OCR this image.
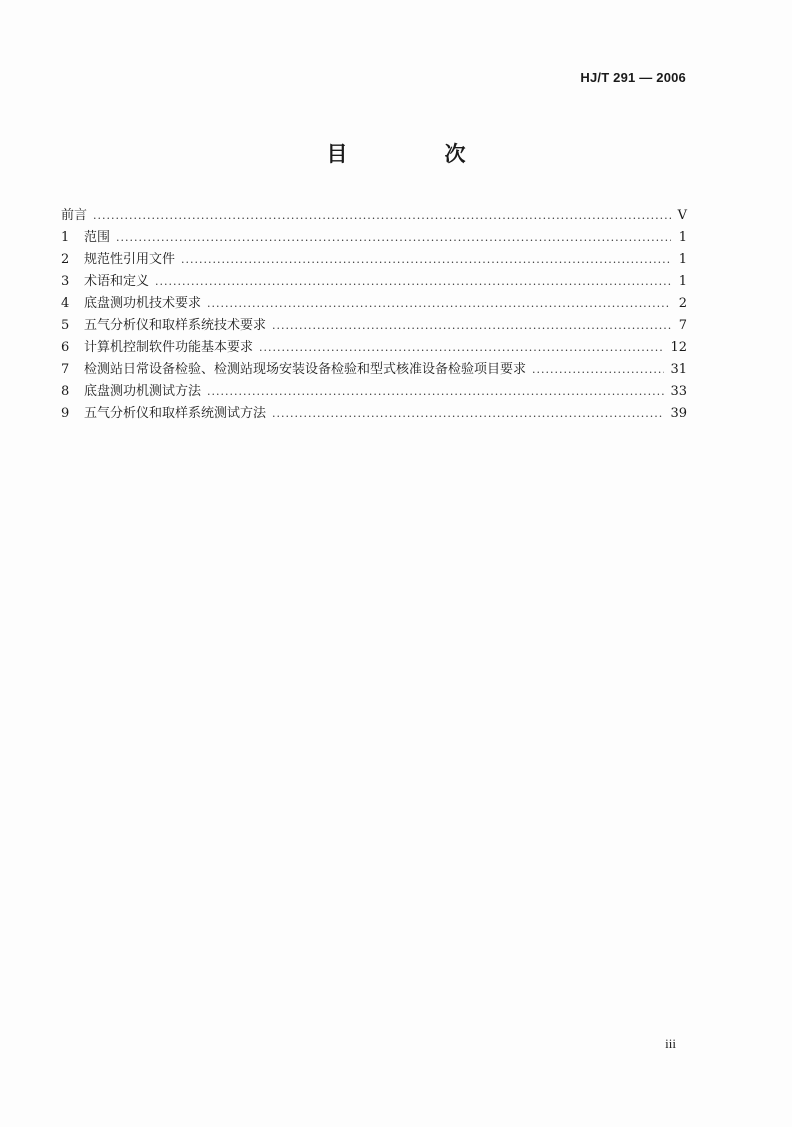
HJ/T 291 — 2006
目　次
前言 .....	V
1	范围 .....	1
2	规范性引用文件 .....	1
3	术语和定义 .....	1
4	底盘测功机技术要求 .....	2
5	五气分析仪和取样系统技术要求 .....	7
6	计算机控制软件功能基本要求 .....	12
7	检测站日常设备检验、检测站现场安装设备检验和型式核准设备检验项目要求 .....	31
8	底盘测功机测试方法 .....	33
9	五气分析仪和取样系统测试方法 .....	39
iii
